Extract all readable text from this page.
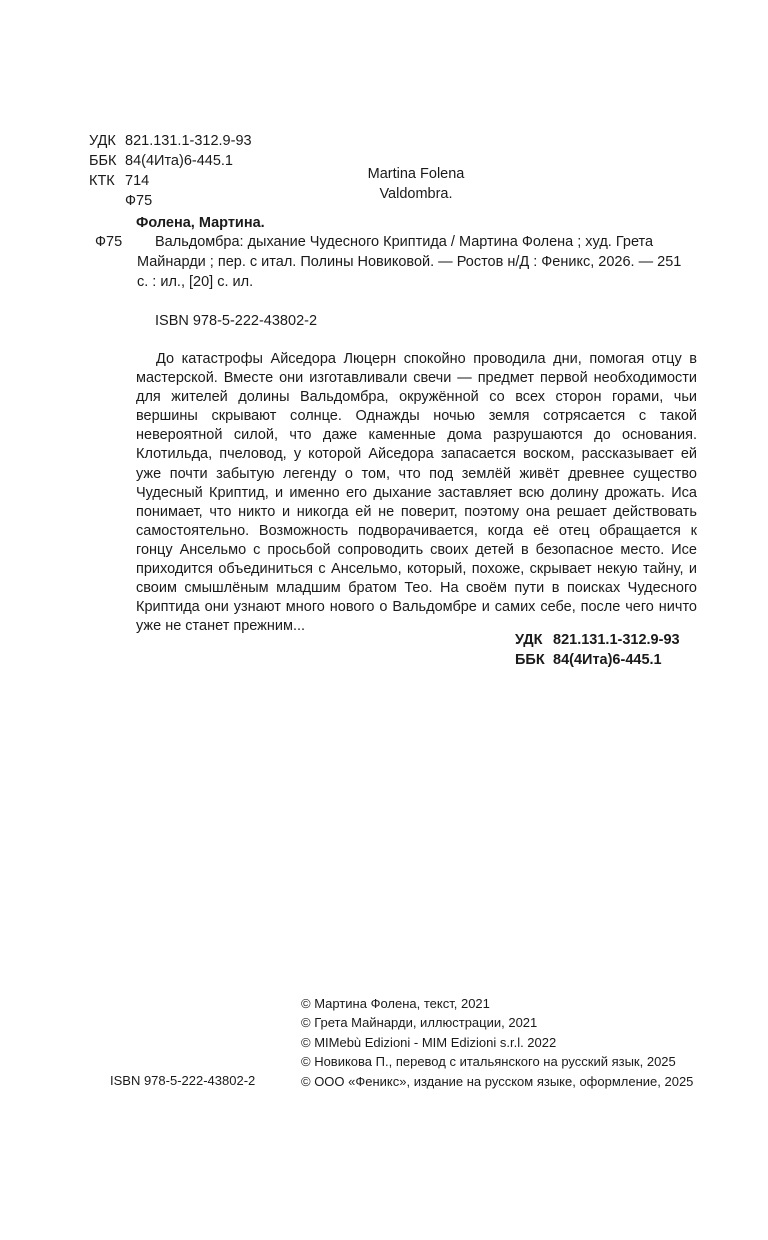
УДК 821.131.1-312.9-93
ББК 84(4Ита)6-445.1
КТК 714
Ф75
Martina Folena
Valdombra.
Фолена, Мартина.
Ф75	Вальдомбра: дыхание Чудесного Криптида / Мартина Фолена ; худ. Грета Майнарди ; пер. с итал. Полины Новиковой. — Ростов н/Д : Феникс, 2026. — 251 с. : ил., [20] с. ил.

ISBN 978-5-222-43802-2

До катастрофы Айседора Люцерн спокойно проводила дни, помогая отцу в мастерской. Вместе они изготавливали свечи — предмет первой необходимости для жителей долины Вальдомбра, окружённой со всех сторон горами, чьи вершины скрывают солнце. Однажды ночью земля сотрясается с такой невероятной силой, что даже каменные дома разрушаются до основания. Клотильда, пчеловод, у которой Айседора запасается воском, рассказывает ей уже почти забытую легенду о том, что под землёй живёт древнее существо Чудесный Криптид, и именно его дыхание заставляет всю долину дрожать. Иса понимает, что никто и никогда ей не поверит, поэтому она решает действовать самостоятельно. Возможность подворачивается, когда её отец обращается к гонцу Ансельмо с просьбой сопроводить своих детей в безопасное место. Исе приходится объединиться с Ансельмо, который, похоже, скрывает некую тайну, и своим смышлёным младшим братом Тео. На своём пути в поисках Чудесного Криптида они узнают много нового о Вальдомбре и самих себе, после чего ничто уже не станет прежним...

УДК 821.131.1-312.9-93
ББК 84(4Ита)6-445.1
© Мартина Фолена, текст, 2021
© Грета Майнарди, иллюстрации, 2021
© MIMebù Edizioni - MIM Edizioni s.r.l. 2022
© Новикова П., перевод с итальянского на русский язык, 2025
© ООО «Феникс», издание на русском языке, оформление, 2025
ISBN 978-5-222-43802-2
